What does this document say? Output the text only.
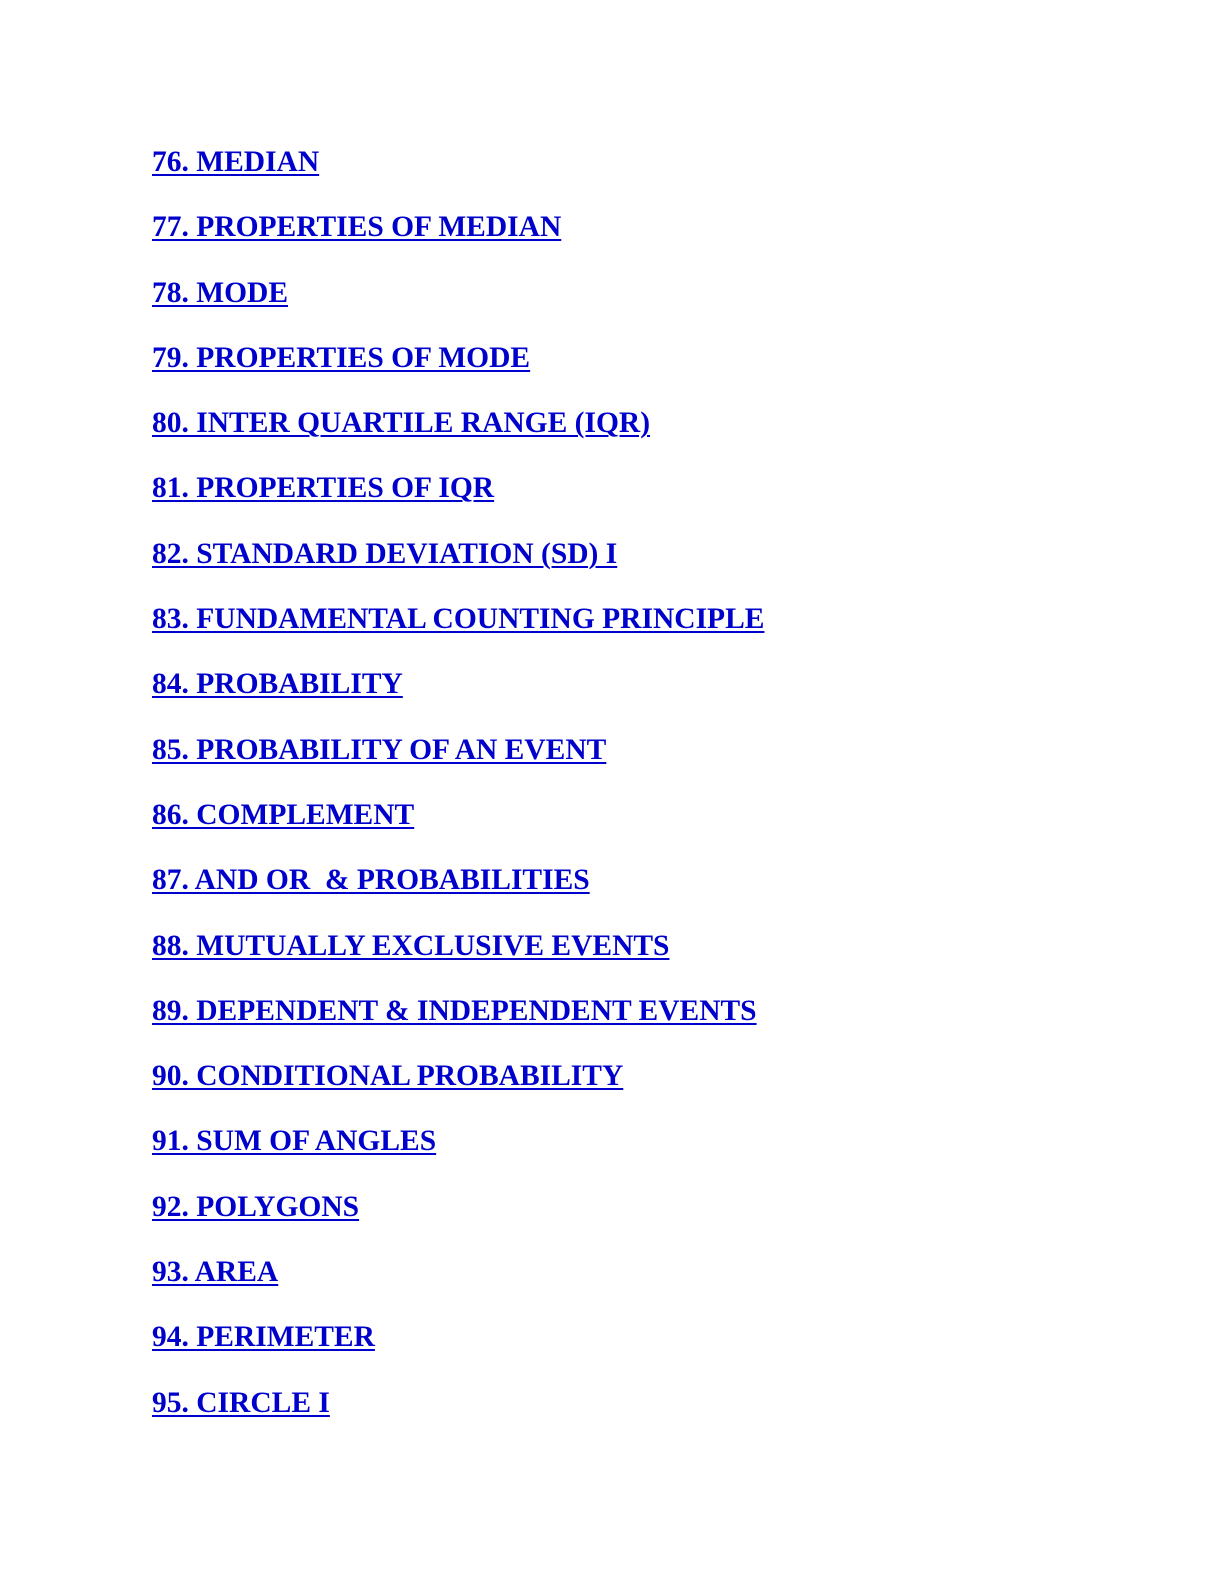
76. MEDIAN
77. PROPERTIES OF MEDIAN
78. MODE
79. PROPERTIES OF MODE
80. INTER QUARTILE RANGE (IQR)
81. PROPERTIES OF IQR
82. STANDARD DEVIATION (SD) I
83. FUNDAMENTAL COUNTING PRINCIPLE
84. PROBABILITY
85. PROBABILITY OF AN EVENT
86. COMPLEMENT
87. AND OR  & PROBABILITIES
88. MUTUALLY EXCLUSIVE EVENTS
89. DEPENDENT & INDEPENDENT EVENTS
90. CONDITIONAL PROBABILITY
91. SUM OF ANGLES
92. POLYGONS
93. AREA
94. PERIMETER
95. CIRCLE I
